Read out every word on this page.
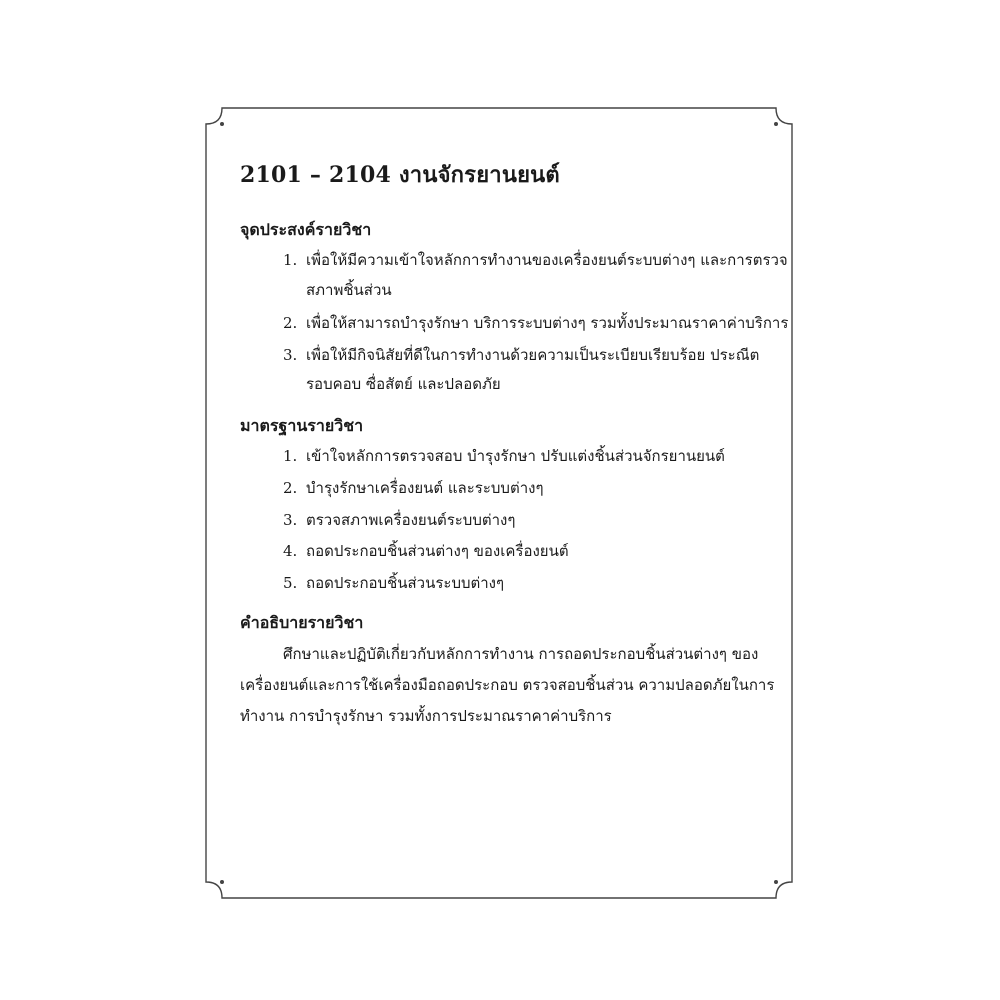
2101 – 2104 งานจักรยานยนต์
จุดประสงค์รายวิชา
1. เพื่อให้มีความเข้าใจหลักการทำงานของเครื่องยนต์ระบบต่างๆ และการตรวจ
สภาพชิ้นส่วน
2. เพื่อให้สามารถบำรุงรักษา บริการระบบต่างๆ รวมทั้งประมาณราคาค่าบริการ
3. เพื่อให้มีกิจนิสัยที่ดีในการทำงานด้วยความเป็นระเบียบเรียบร้อย ประณีต
รอบคอบ ซื่อสัตย์ และปลอดภัย
มาตรฐานรายวิชา
1. เข้าใจหลักการตรวจสอบ บำรุงรักษา ปรับแต่งชิ้นส่วนจักรยานยนต์
2. บำรุงรักษาเครื่องยนต์ และระบบต่างๆ
3. ตรวจสภาพเครื่องยนต์ระบบต่างๆ
4. ถอดประกอบชิ้นส่วนต่างๆ ของเครื่องยนต์
5. ถอดประกอบชิ้นส่วนระบบต่างๆ
คำอธิบายรายวิชา
ศึกษาและปฏิบัติเกี่ยวกับหลักการทำงาน การถอดประกอบชิ้นส่วนต่างๆ ของ
เครื่องยนต์และการใช้เครื่องมือถอดประกอบ ตรวจสอบชิ้นส่วน ความปลอดภัยในการ
ทำงาน การบำรุงรักษา รวมทั้งการประมาณราคาค่าบริการ
